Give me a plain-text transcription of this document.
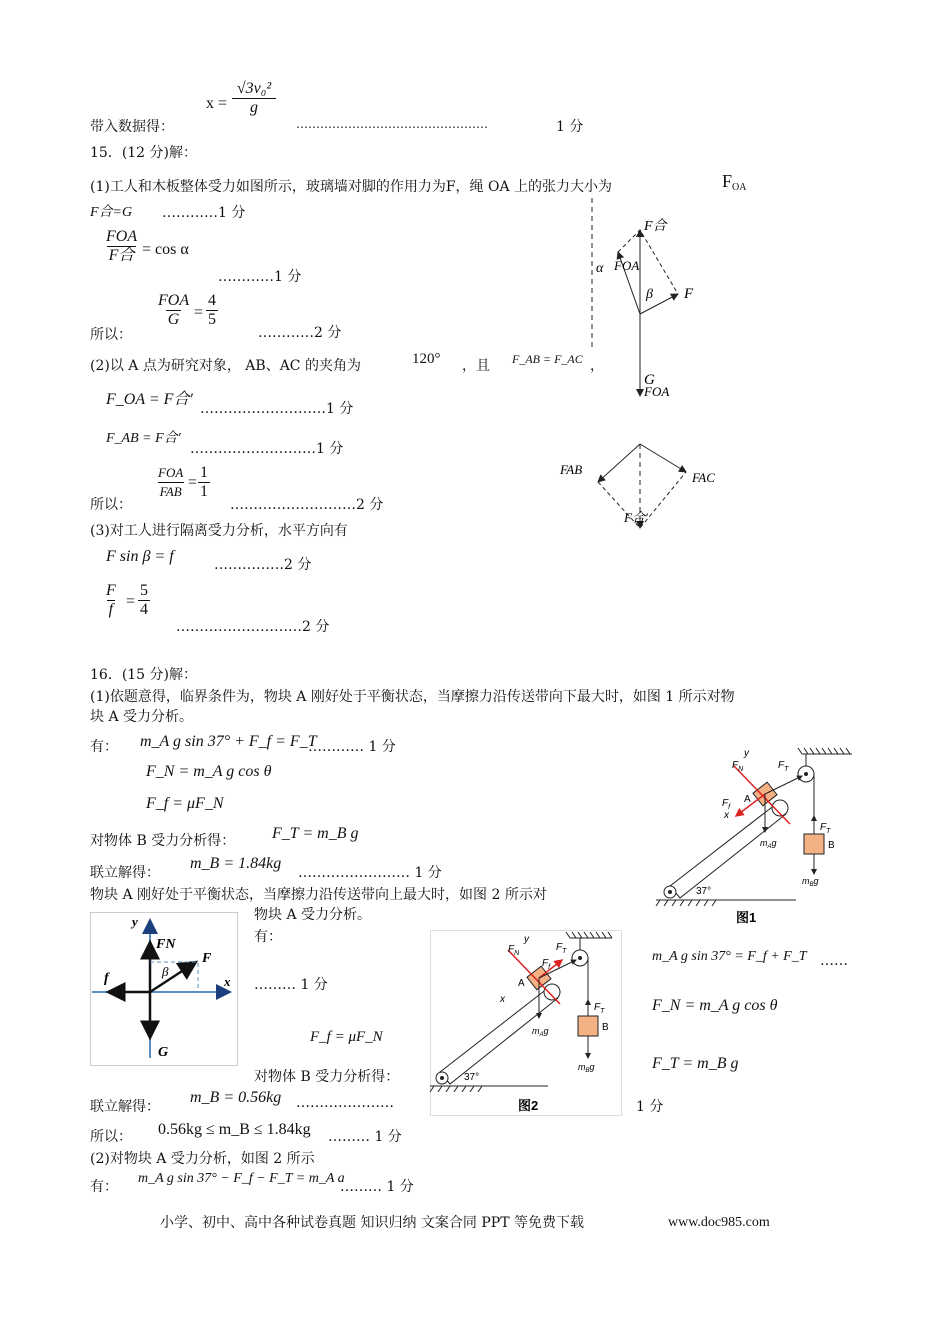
$x = \frac{\text{√3v₀²}}{g}$
带入数据得：	…………………………………………	1 分
15．(12 分)解：
(1)工人和木板整体受力如图所示，玻璃墙对脚的作用力为F，绳 OA 上的张力大小为	$F_{OA}$
F合=G …………1 分
FOA
F合 = cos α
…………1 分
所以：
FOA
$G = \frac{4}{5}$
…………2 分
(2)以 A 点为研究对象， AB、AC 的夹角为	120° ，且 F_AB = F_AC ，
F_OA = F合′
………………………1 分
F_AB = F合′
………………………1 分
所以：
FOA
FAB
= $\frac{1}{1}$
………………………2 分
(3)对工人进行隔离受力分析，水平方向有
F sin β = f	……………2 分
$\frac{F}{f} = \frac{5}{4}$
………………………2 分
F合
FOA
α
β F
G
FOA
FAB
FAC
F合′
16．(15 分)解：
(1)依题意得，临界条件为，物块 A 刚好处于平衡状态，当摩擦力沿传送带向下最大时，如图 1 所示对物
块 A 受力分析。
有： m_A g sin 37° + F_f = F_T
………… 1 分
F_N = m_A g cos θ
F_f = μF_N
对物体 B 受力分析得： F_T = m_B g
联立解得：
m_B = 1.84kg
…………………… 1 分
物块 A 刚好处于平衡状态，当摩擦力沿传送带向上最大时，如图 2 所示对
物块 A 受力分析。
有：
……… 1 分
F_f = μF_N
对物体 B 受力分析得：
联立解得：
m_B = 0.56kg …………………	1 分
所以： 0.56kg ≤ m_B ≤ 1.84kg ……… 1 分
(2)对物块 A 受力分析，如图 2 所示
有：
m_A g sin 37° − F_f − F_T = m_A a
……… 1 分
m_A g sin 37° = F_f + F_T ……
F_N = m_A g cos θ
F_T = m_B g
y
x
FN
F
f
G
β
37°
A
B
x
y
$F_N$	$F_T$
$F_f$
$F_T$
$m_Ag$
$m_Bg$
图1
37°
A
B
x
y
$F_N$
$F_T$
$F_f$
$F_T$
$m_Ag$
$m_Bg$
图2
小学、初中、高中各种试卷真题 知识归纳 文案合同 PPT 等免费下载	www.doc985.com
